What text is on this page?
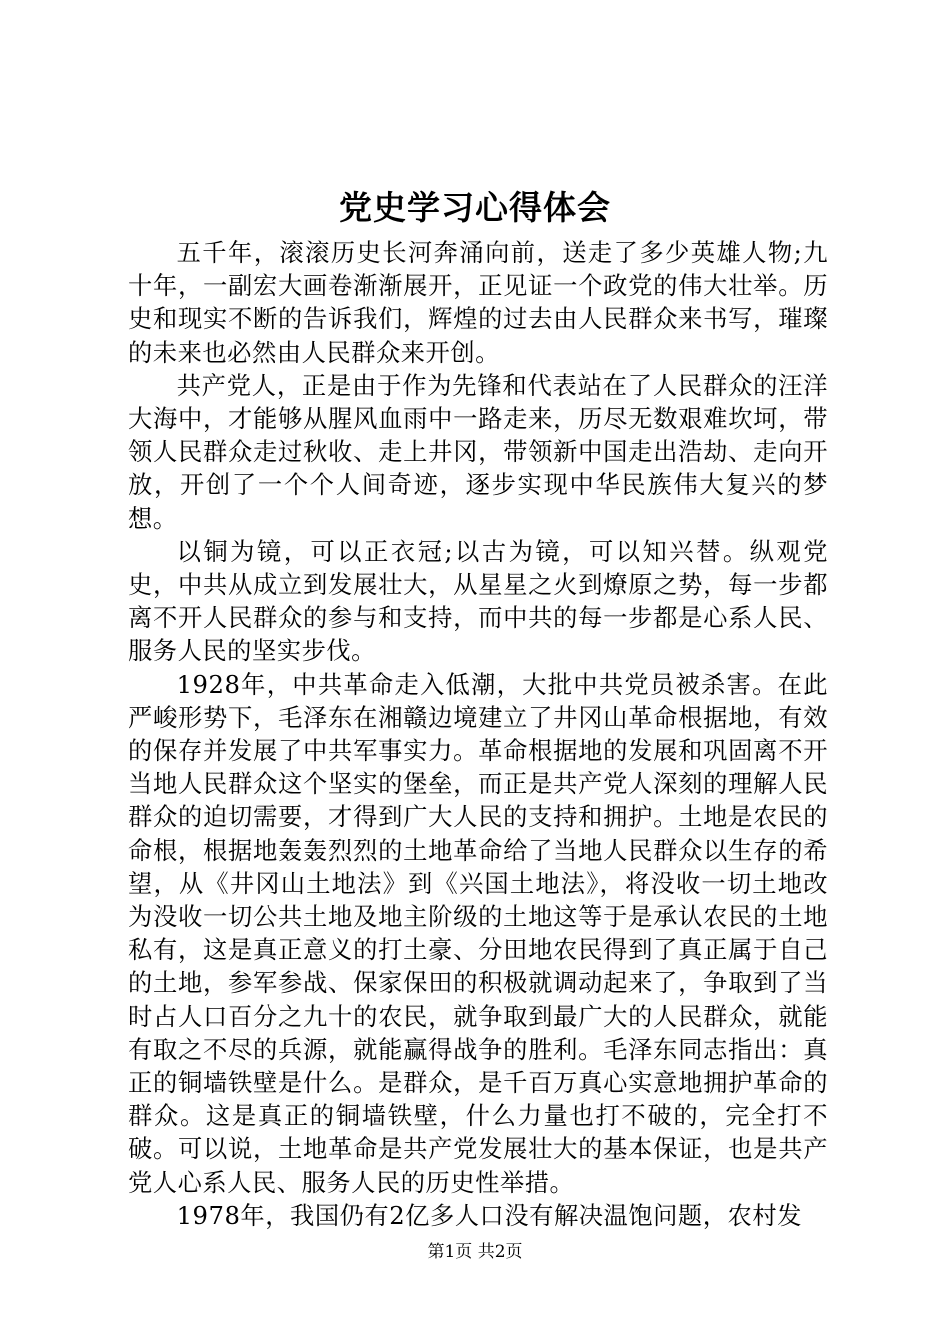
党史学习心得体会

五千年，滚滚历史长河奔涌向前，送走了多少英雄人物;九十年，一副宏大画卷渐渐展开，正见证一个政党的伟大壮举。历史和现实不断的告诉我们，辉煌的过去由人民群众来书写，璀璨的未来也必然由人民群众来开创。

共产党人，正是由于作为先锋和代表站在了人民群众的汪洋大海中，才能够从腥风血雨中一路走来，历尽无数艰难坎坷，带领人民群众走过秋收、走上井冈，带领新中国走出浩劫、走向开放，开创了一个个人间奇迹，逐步实现中华民族伟大复兴的梦想。

以铜为镜，可以正衣冠;以古为镜，可以知兴替。纵观党史，中共从成立到发展壮大，从星星之火到燎原之势，每一步都离不开人民群众的参与和支持，而中共的每一步都是心系人民、服务人民的坚实步伐。

1928年，中共革命走入低潮，大批中共党员被杀害。在此严峻形势下，毛泽东在湘赣边境建立了井冈山革命根据地，有效的保存并发展了中共军事实力。革命根据地的发展和巩固离不开当地人民群众这个坚实的堡垒，而正是共产党人深刻的理解人民群众的迫切需要，才得到广大人民的支持和拥护。土地是农民的命根，根据地轰轰烈烈的土地革命给了当地人民群众以生存的希望，从《井冈山土地法》到《兴国土地法》，将没收一切土地改为没收一切公共土地及地主阶级的土地这等于是承认农民的土地私有，这是真正意义的打土豪、分田地农民得到了真正属于自己的土地，参军参战、保家保田的积极就调动起来了，争取到了当时占人口百分之九十的农民，就争取到最广大的人民群众，就能有取之不尽的兵源，就能赢得战争的胜利。毛泽东同志指出：真正的铜墙铁壁是什么。是群众，是千百万真心实意地拥护革命的群众。这是真正的铜墙铁壁，什么力量也打不破的，完全打不破。可以说，土地革命是共产党发展壮大的基本保证，也是共产党人心系人民、服务人民的历史性举措。

1978年，我国仍有2亿多人口没有解决温饱问题，农村发

第1页 共2页
